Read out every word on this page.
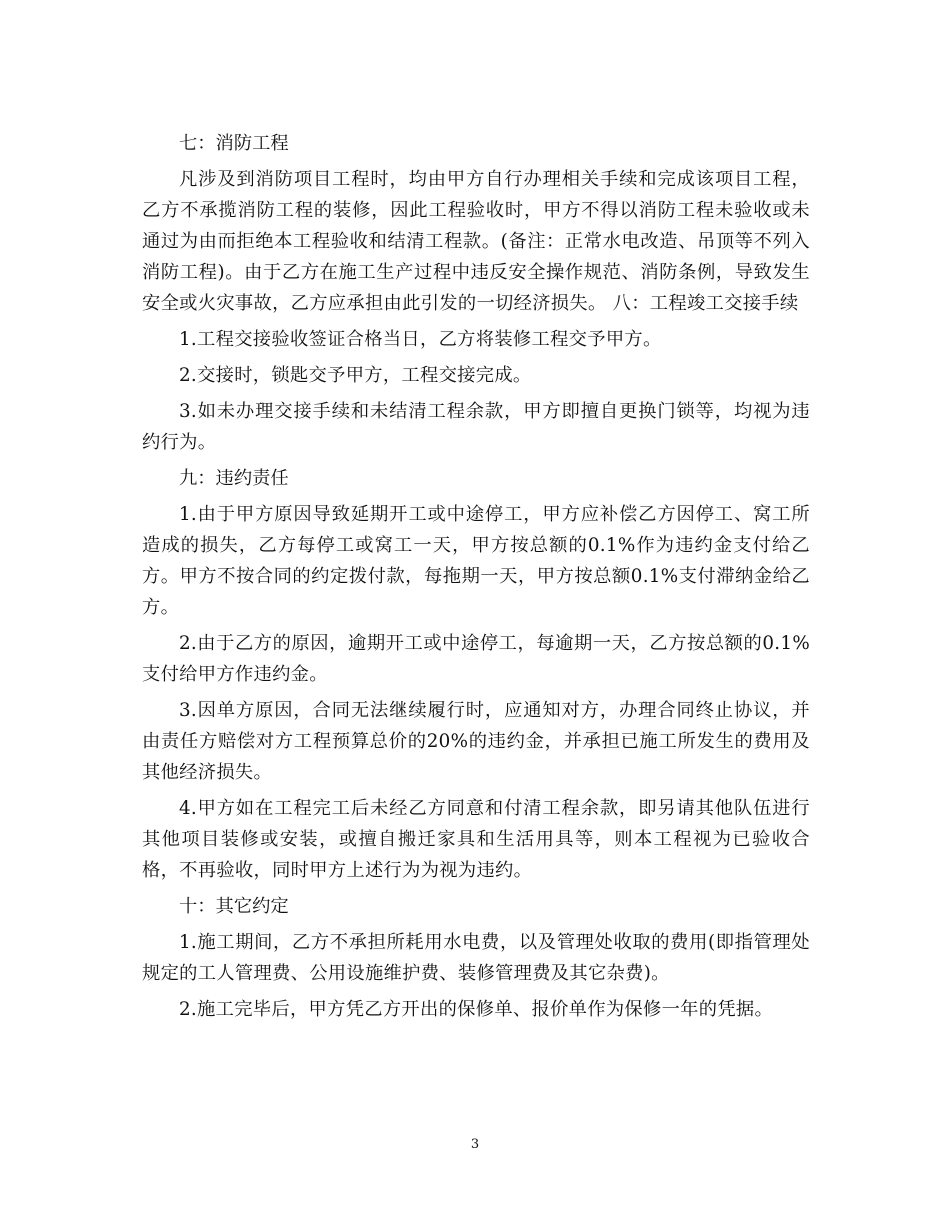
七：消防工程

凡涉及到消防项目工程时，均由甲方自行办理相关手续和完成该项目工程，乙方不承揽消防工程的装修，因此工程验收时，甲方不得以消防工程未验收或未通过为由而拒绝本工程验收和结清工程款。(备注：正常水电改造、吊顶等不列入消防工程)。由于乙方在施工生产过程中违反安全操作规范、消防条例，导致发生安全或火灾事故，乙方应承担由此引发的一切经济损失。 八：工程竣工交接手续

1.工程交接验收签证合格当日，乙方将装修工程交予甲方。

2.交接时，锁匙交予甲方，工程交接完成。

3.如未办理交接手续和未结清工程余款，甲方即擅自更换门锁等，均视为违约行为。

九：违约责任

1.由于甲方原因导致延期开工或中途停工，甲方应补偿乙方因停工、窝工所造成的损失，乙方每停工或窝工一天，甲方按总额的0.1%作为违约金支付给乙方。甲方不按合同的约定拨付款，每拖期一天，甲方按总额0.1%支付滞纳金给乙方。

2.由于乙方的原因，逾期开工或中途停工，每逾期一天，乙方按总额的0.1%支付给甲方作违约金。

3.因单方原因，合同无法继续履行时，应通知对方，办理合同终止协议，并由责任方赔偿对方工程预算总价的20%的违约金，并承担已施工所发生的费用及其他经济损失。

4.甲方如在工程完工后未经乙方同意和付清工程余款，即另请其他队伍进行其他项目装修或安装，或擅自搬迁家具和生活用具等，则本工程视为已验收合格，不再验收，同时甲方上述行为为视为违约。

十：其它约定

1.施工期间，乙方不承担所耗用水电费，以及管理处收取的费用(即指管理处规定的工人管理费、公用设施维护费、装修管理费及其它杂费)。

2.施工完毕后，甲方凭乙方开出的保修单、报价单作为保修一年的凭据。

3
